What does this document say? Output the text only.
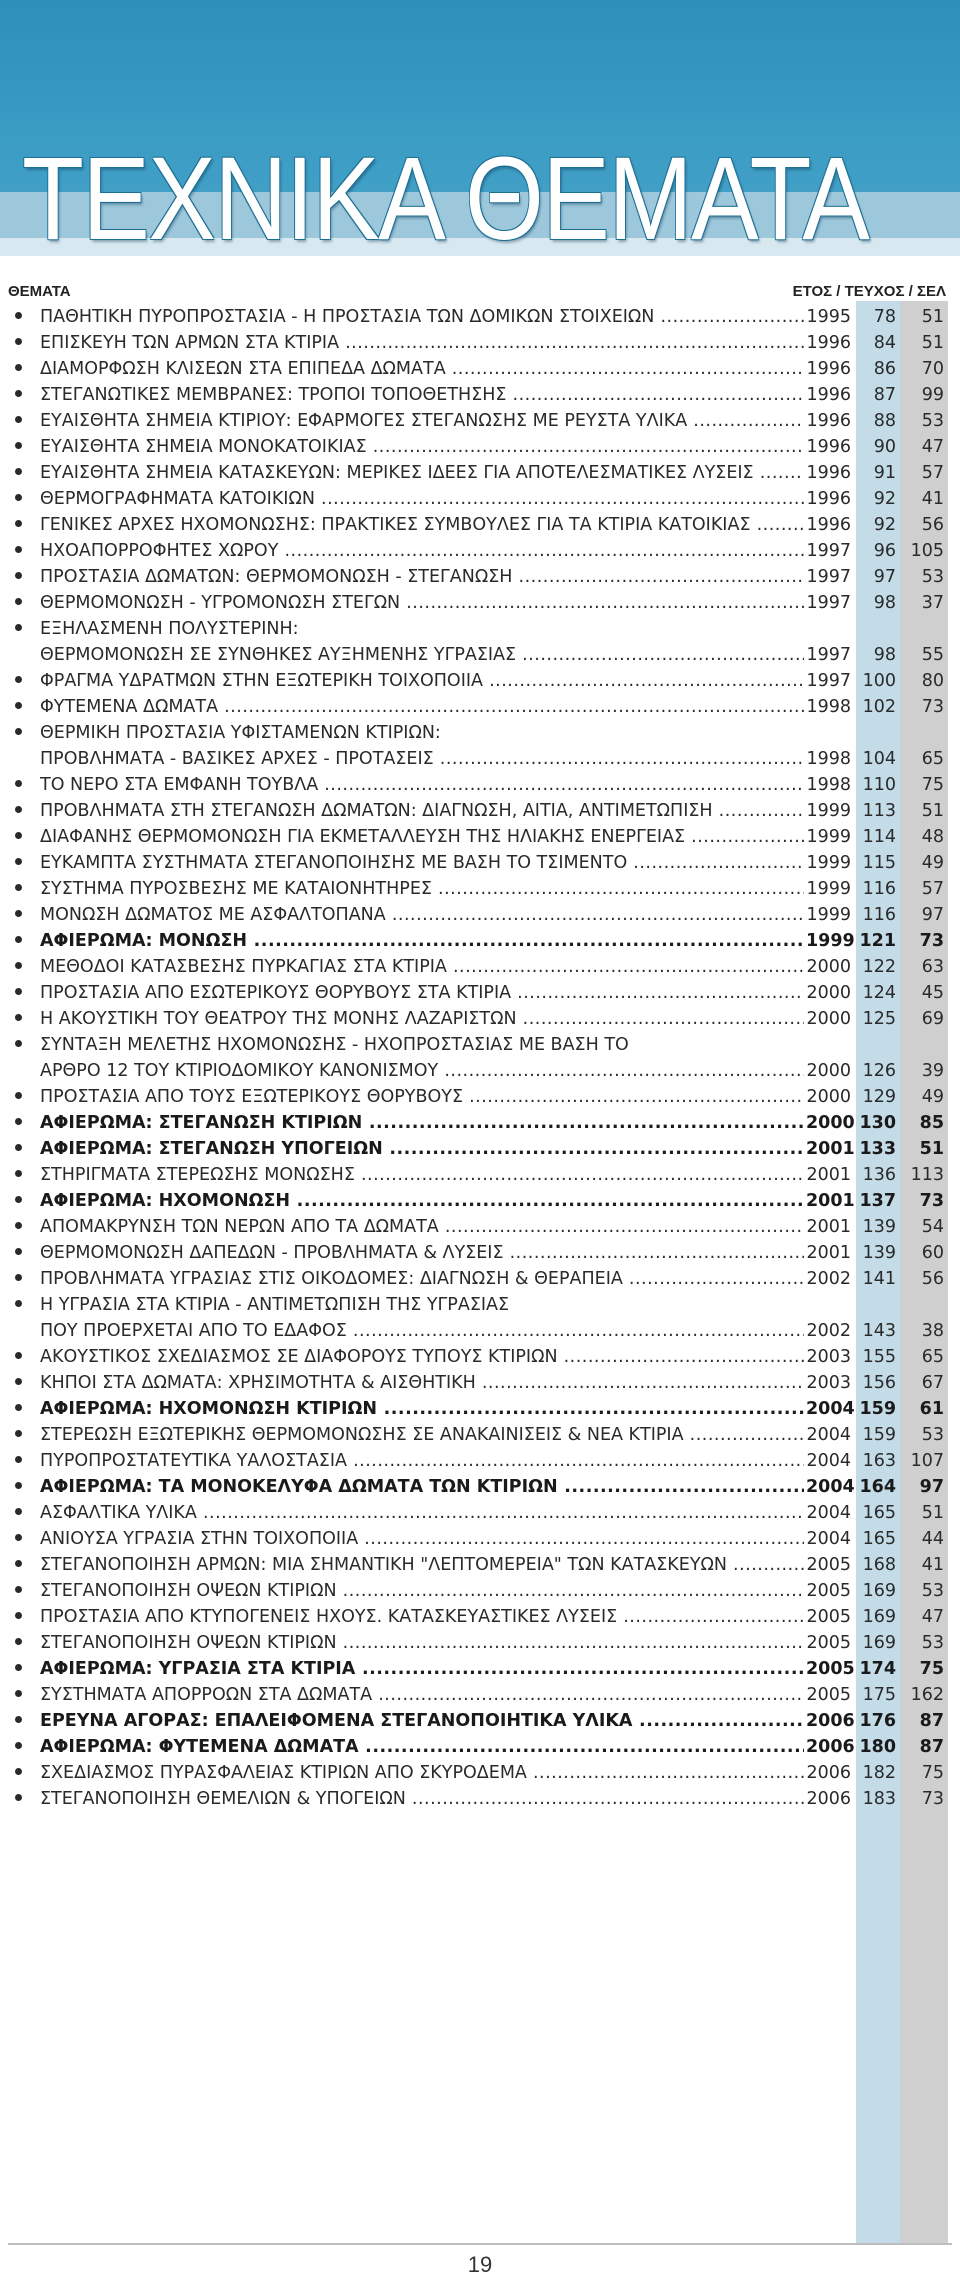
ΤΕΧΝΙΚΑ ΘΕΜΑΤΑ
ΘΕΜΑΤΑ	ΕΤΟΣ / ΤΕΥΧΟΣ / ΣΕΛ
ΠΑΘΗΤΙΚΗ ΠΥΡΟΠΡΟΣΤΑΣΙΑ - Η ΠΡΟΣΤΑΣΙΑ ΤΩΝ ΔΟΜΙΚΩΝ ΣΤΟΙΧΕΙΩΝ .....	1995	78	51
ΕΠΙΣΚΕΥΗ ΤΩΝ ΑΡΜΩΝ ΣΤΑ ΚΤΙΡΙΑ .....	1996	84	51
ΔΙΑΜΟΡΦΩΣΗ ΚΛΙΣΕΩΝ ΣΤΑ ΕΠΙΠΕΔΑ ΔΩΜΑΤΑ .....	1996	86	70
ΣΤΕΓΑΝΩΤΙΚΕΣ ΜΕΜΒΡΑΝΕΣ: ΤΡΟΠΟΙ ΤΟΠΟΘΕΤΗΣΗΣ .....	1996	87	99
ΕΥΑΙΣΘΗΤΑ ΣΗΜΕΙΑ ΚΤΙΡΙΟΥ: ΕΦΑΡΜΟΓΕΣ ΣΤΕΓΑΝΩΣΗΣ ΜΕ ΡΕΥΣΤΑ ΥΛΙΚΑ .....	1996	88	53
ΕΥΑΙΣΘΗΤΑ ΣΗΜΕΙΑ ΜΟΝΟΚΑΤΟΙΚΙΑΣ .....	1996	90	47
ΕΥΑΙΣΘΗΤΑ ΣΗΜΕΙΑ ΚΑΤΑΣΚΕΥΩΝ: ΜΕΡΙΚΕΣ ΙΔΕΕΣ ΓΙΑ ΑΠΟΤΕΛΕΣΜΑΤΙΚΕΣ ΛΥΣΕΙΣ .....	1996	91	57
ΘΕΡΜΟΓΡΑΦΗΜΑΤΑ ΚΑΤΟΙΚΙΩΝ .....	1996	92	41
ΓΕΝΙΚΕΣ ΑΡΧΕΣ ΗΧΟΜΟΝΩΣΗΣ: ΠΡΑΚΤΙΚΕΣ ΣΥΜΒΟΥΛΕΣ ΓΙΑ ΤΑ ΚΤΙΡΙΑ ΚΑΤΟΙΚΙΑΣ .....	1996	92	56
ΗΧΟΑΠΟΡΡΟΦΗΤΕΣ ΧΩΡΟΥ .....	1997	96 105
ΠΡΟΣΤΑΣΙΑ ΔΩΜΑΤΩΝ: ΘΕΡΜΟΜΟΝΩΣΗ - ΣΤΕΓΑΝΩΣΗ .....	1997	97	53
ΘΕΡΜΟΜΟΝΩΣΗ - ΥΓΡΟΜΟΝΩΣΗ ΣΤΕΓΩΝ .....	1997	98	37
ΕΞΗΛΑΣΜΕΝΗ ΠΟΛΥΣΤΕΡΙΝΗ:
ΘΕΡΜΟΜΟΝΩΣΗ ΣΕ ΣΥΝΘΗΚΕΣ ΑΥΞΗΜΕΝΗΣ ΥΓΡΑΣΙΑΣ .....	1997	98	55
ΦΡΑΓΜΑ ΥΔΡΑΤΜΩΝ ΣΤΗΝ ΕΞΩΤΕΡΙΚΗ ΤΟΙΧΟΠΟΙΙΑ .....	1997 100	80
ΦΥΤΕΜΕΝΑ ΔΩΜΑΤΑ .....	1998 102	73
ΘΕΡΜΙΚΗ ΠΡΟΣΤΑΣΙΑ ΥΦΙΣΤΑΜΕΝΩΝ ΚΤΙΡΙΩΝ:
ΠΡΟΒΛΗΜΑΤΑ - ΒΑΣΙΚΕΣ ΑΡΧΕΣ - ΠΡΟΤΑΣΕΙΣ .....	1998 104	65
ΤΟ ΝΕΡΟ ΣΤΑ ΕΜΦΑΝΗ ΤΟΥΒΛΑ .....	1998 110	75
ΠΡΟΒΛΗΜΑΤΑ ΣΤΗ ΣΤΕΓΑΝΩΣΗ ΔΩΜΑΤΩΝ: ΔΙΑΓΝΩΣΗ, ΑΙΤΙΑ, ΑΝΤΙΜΕΤΩΠΙΣΗ .....	1999 113	51
ΔΙΑΦΑΝΗΣ ΘΕΡΜΟΜΟΝΩΣΗ ΓΙΑ ΕΚΜΕΤΑΛΛΕΥΣΗ ΤΗΣ ΗΛΙΑΚΗΣ ΕΝΕΡΓΕΙΑΣ .....	1999 114	48
ΕΥΚΑΜΠΤΑ ΣΥΣΤΗΜΑΤΑ ΣΤΕΓΑΝΟΠΟΙΗΣΗΣ ΜΕ ΒΑΣΗ ΤΟ ΤΣΙΜΕΝΤΟ .....	1999 115	49
ΣΥΣΤΗΜΑ ΠΥΡΟΣΒΕΣΗΣ ΜΕ ΚΑΤΑΙΟΝΗΤΗΡΕΣ .....	1999 116	57
ΜΟΝΩΣΗ ΔΩΜΑΤΟΣ ΜΕ ΑΣΦΑΛΤΟΠΑΝΑ .....	1999 116	97
ΑΦΙΕΡΩΜΑ: ΜΟΝΩΣΗ .....	1999 121	73
ΜΕΘΟΔΟΙ ΚΑΤΑΣΒΕΣΗΣ ΠΥΡΚΑΓΙΑΣ ΣΤΑ ΚΤΙΡΙΑ .....	2000 122	63
ΠΡΟΣΤΑΣΙΑ ΑΠΟ ΕΣΩΤΕΡΙΚΟΥΣ ΘΟΡΥΒΟΥΣ ΣΤΑ ΚΤΙΡΙΑ .....	2000 124	45
Η ΑΚΟΥΣΤΙΚΗ ΤΟΥ ΘΕΑΤΡΟΥ ΤΗΣ ΜΟΝΗΣ ΛΑΖΑΡΙΣΤΩΝ .....	2000 125	69
ΣΥΝΤΑΞΗ ΜΕΛΕΤΗΣ ΗΧΟΜΟΝΩΣΗΣ - ΗΧΟΠΡΟΣΤΑΣΙΑΣ ΜΕ ΒΑΣΗ ΤΟ
ΑΡΘΡΟ 12 ΤΟΥ ΚΤΙΡΙΟΔΟΜΙΚΟΥ ΚΑΝΟΝΙΣΜΟΥ .....	2000 126	39
ΠΡΟΣΤΑΣΙΑ ΑΠΟ ΤΟΥΣ ΕΞΩΤΕΡΙΚΟΥΣ ΘΟΡΥΒΟΥΣ .....	2000 129	49
ΑΦΙΕΡΩΜΑ: ΣΤΕΓΑΝΩΣΗ ΚΤΙΡΙΩΝ .....	2000 130	85
ΑΦΙΕΡΩΜΑ: ΣΤΕΓΑΝΩΣΗ ΥΠΟΓΕΙΩΝ .....	2001 133	51
ΣΤΗΡΙΓΜΑΤΑ ΣΤΕΡΕΩΣΗΣ ΜΟΝΩΣΗΣ .....	2001 136 113
ΑΦΙΕΡΩΜΑ: ΗΧΟΜΟΝΩΣΗ .....	2001 137	73
ΑΠΟΜΑΚΡΥΝΣΗ ΤΩΝ ΝΕΡΩΝ ΑΠΟ ΤΑ ΔΩΜΑΤΑ .....	2001 139	54
ΘΕΡΜΟΜΟΝΩΣΗ ΔΑΠΕΔΩΝ - ΠΡΟΒΛΗΜΑΤΑ & ΛΥΣΕΙΣ .....	2001 139	60
ΠΡΟΒΛΗΜΑΤΑ ΥΓΡΑΣΙΑΣ ΣΤΙΣ ΟΙΚΟΔΟΜΕΣ: ΔΙΑΓΝΩΣΗ & ΘΕΡΑΠΕΙΑ .....	2002 141	56
Η ΥΓΡΑΣΙΑ ΣΤΑ ΚΤΙΡΙΑ - ΑΝΤΙΜΕΤΩΠΙΣΗ ΤΗΣ ΥΓΡΑΣΙΑΣ
ΠΟΥ ΠΡΟΕΡΧΕΤΑΙ ΑΠΟ ΤΟ ΕΔΑΦΟΣ .....	2002 143	38
ΑΚΟΥΣΤΙΚΟΣ ΣΧΕΔΙΑΣΜΟΣ ΣΕ ΔΙΑΦΟΡΟΥΣ ΤΥΠΟΥΣ ΚΤΙΡΙΩΝ .....	2003 155	65
ΚΗΠΟΙ ΣΤΑ ΔΩΜΑΤΑ: ΧΡΗΣΙΜΟΤΗΤΑ & ΑΙΣΘΗΤΙΚΗ .....	2003 156	67
ΑΦΙΕΡΩΜΑ: ΗΧΟΜΟΝΩΣΗ ΚΤΙΡΙΩΝ .....	2004 159	61
ΣΤΕΡΕΩΣΗ ΕΞΩΤΕΡΙΚΗΣ ΘΕΡΜΟΜΟΝΩΣΗΣ ΣΕ ΑΝΑΚΑΙΝΙΣΕΙΣ & ΝΕΑ ΚΤΙΡΙΑ .....	2004 159	53
ΠΥΡΟΠΡΟΣΤΑΤΕΥΤΙΚΑ ΥΑΛΟΣΤΑΣΙΑ .....	2004 163 107
ΑΦΙΕΡΩΜΑ: ΤΑ ΜΟΝΟΚΕΛΥΦΑ ΔΩΜΑΤΑ ΤΩΝ ΚΤΙΡΙΩΝ .....	2004 164	97
ΑΣΦΑΛΤΙΚΑ ΥΛΙΚΑ .....	2004 165	51
ΑΝΙΟΥΣΑ ΥΓΡΑΣΙΑ ΣΤΗΝ ΤΟΙΧΟΠΟΙΙΑ .....	2004 165	44
ΣΤΕΓΑΝΟΠΟΙΗΣΗ ΑΡΜΩΝ: ΜΙΑ ΣΗΜΑΝΤΙΚΗ "ΛΕΠΤΟΜΕΡΕΙΑ" ΤΩΝ ΚΑΤΑΣΚΕΥΩΝ .....	2005 168	41
ΣΤΕΓΑΝΟΠΟΙΗΣΗ ΟΨΕΩΝ ΚΤΙΡΙΩΝ .....	2005 169	53
ΠΡΟΣΤΑΣΙΑ ΑΠΟ ΚΤΥΠΟΓΕΝΕΙΣ ΗΧΟΥΣ. ΚΑΤΑΣΚΕΥΑΣΤΙΚΕΣ ΛΥΣΕΙΣ .....	2005 169	47
ΣΤΕΓΑΝΟΠΟΙΗΣΗ ΟΨΕΩΝ ΚΤΙΡΙΩΝ .....	2005 169	53
ΑΦΙΕΡΩΜΑ: ΥΓΡΑΣΙΑ ΣΤΑ ΚΤΙΡΙΑ .....	2005 174	75
ΣΥΣΤΗΜΑΤΑ ΑΠΟΡΡΟΩΝ ΣΤΑ ΔΩΜΑΤΑ .....	2005 175 162
ΕΡΕΥΝΑ ΑΓΟΡΑΣ: ΕΠΑΛΕΙΦΟΜΕΝΑ ΣΤΕΓΑΝΟΠΟΙΗΤΙΚΑ ΥΛΙΚΑ .....	2006 176	87
ΑΦΙΕΡΩΜΑ: ΦΥΤΕΜΕΝΑ ΔΩΜΑΤΑ .....	2006 180	87
ΣΧΕΔΙΑΣΜΟΣ ΠΥΡΑΣΦΑΛΕΙΑΣ ΚΤΙΡΙΩΝ ΑΠΟ ΣΚΥΡΟΔΕΜΑ .....	2006 182	75
ΣΤΕΓΑΝΟΠΟΙΗΣΗ ΘΕΜΕΛΙΩΝ & ΥΠΟΓΕΙΩΝ .....	2006 183	73
19
